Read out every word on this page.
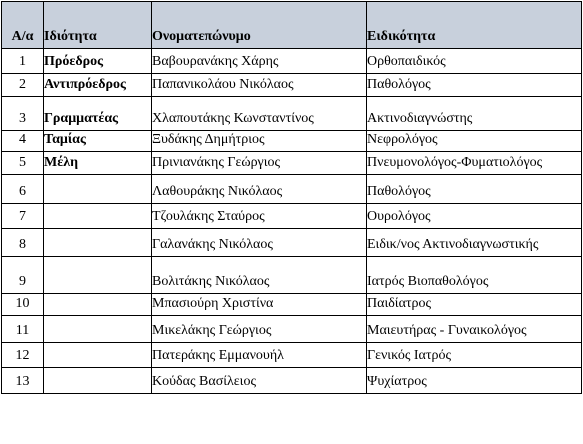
Α/α	Ιδιότητα	Ονοματεπώνυμο	Ειδικότητα
1	Πρόεδρος	Βαβουρανάκης Χάρης	Ορθοπαιδικός
2	Αντιπρόεδρος	Παπανικολάου Νικόλαος	Παθολόγος
3	Γραμματέας	Χλαπουτάκης Κωνσταντίνος	Ακτινοδιαγνώστης
4	Ταμίας	Ξυδάκης Δημήτριος	Νεφρολόγος
5	Μέλη	Πρινιανάκης Γεώργιος	Πνευμονολόγος-Φυματιολόγος
6		Λαθουράκης Νικόλαος	Παθολόγος
7		Τζουλάκης Σταύρος	Ουρολόγος
8		Γαλανάκης Νικόλαος	Ειδικ/νος Ακτινοδιαγνωστικής
9		Βολιτάκης Νικόλαος	Ιατρός Βιοπαθολόγος
10		Μπασιούρη Χριστίνα	Παιδίατρος
11		Μικελάκης Γεώργιος	Μαιευτήρας - Γυναικολόγος
12		Πατεράκης Εμμανουήλ	Γενικός Ιατρός
13		Κούδας Βασίλειος	Ψυχίατρος
